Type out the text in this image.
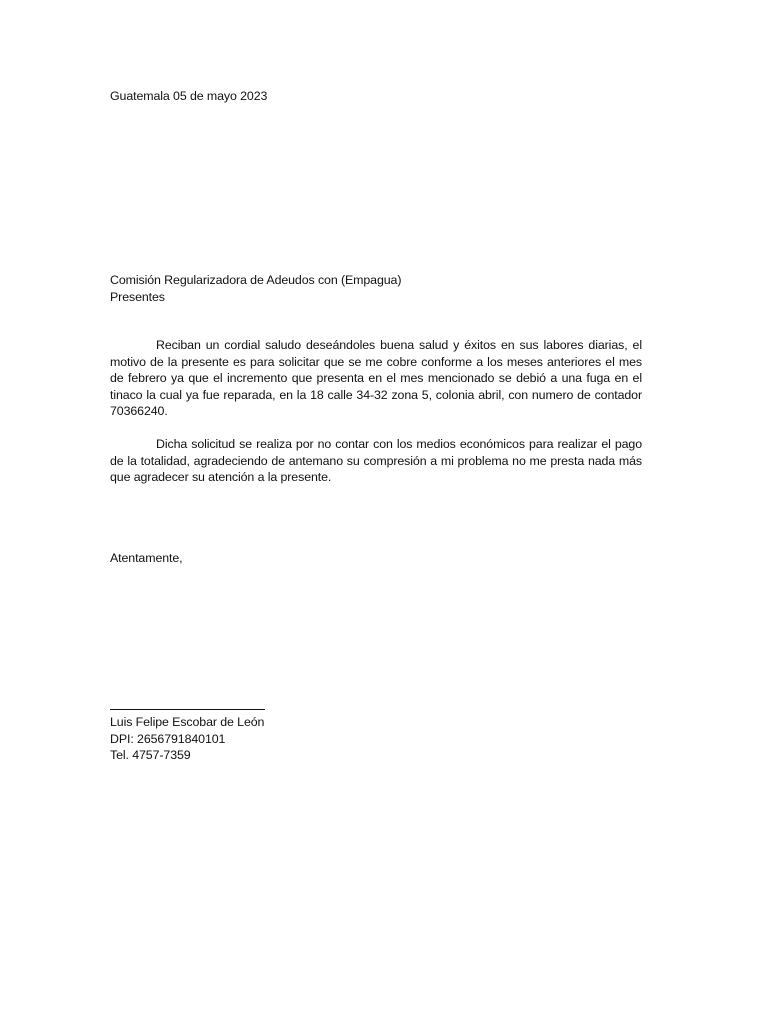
Guatemala 05 de mayo 2023
Comisión Regularizadora de Adeudos con (Empagua)
Presentes

Reciban un cordial saludo deseándoles buena salud y éxitos en sus labores diarias, el motivo de la presente es para solicitar que se me cobre conforme a los meses anteriores el mes de febrero ya que el incremento que presenta en el mes mencionado se debió a una fuga en el tinaco la cual ya fue reparada, en la 18 calle 34-32 zona 5, colonia abril, con numero de contador 70366240.

Dicha solicitud se realiza por no contar con los medios económicos para realizar el pago de la totalidad, agradeciendo de antemano su compresión a mi problema no me presta nada más que agradecer su atención a la presente.

Atentamente,
Luis Felipe Escobar de León
DPI: 2656791840101
Tel. 4757-7359
